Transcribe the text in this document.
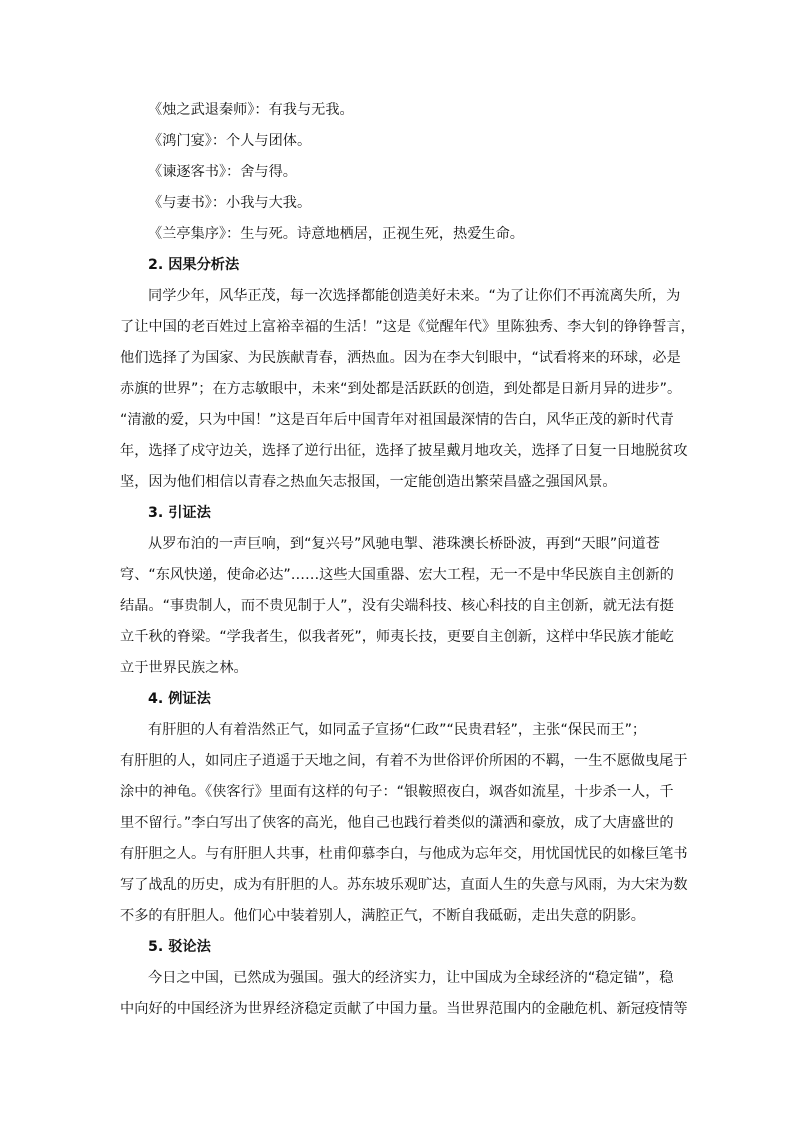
《烛之武退秦师》：有我与无我。

《鸿门宴》：个人与团体。

《谏逐客书》：舍与得。

《与妻书》：小我与大我。

《兰亭集序》：生与死。诗意地栖居，正视生死，热爱生命。

2. 因果分析法

同学少年，风华正茂，每一次选择都能创造美好未来。“为了让你们不再流离失所，为

了让中国的老百姓过上富裕幸福的生活！”这是《觉醒年代》里陈独秀、李大钊的铮铮誓言，

他们选择了为国家、为民族献青春，洒热血。因为在李大钊眼中，“试看将来的环球，必是

赤旗的世界”；在方志敏眼中，未来“到处都是活跃跃的创造，到处都是日新月异的进步”。

“清澈的爱，只为中国！”这是百年后中国青年对祖国最深情的告白，风华正茂的新时代青

年，选择了戍守边关，选择了逆行出征，选择了披星戴月地攻关，选择了日复一日地脱贫攻

坚，因为他们相信以青春之热血矢志报国，一定能创造出繁荣昌盛之强国风景。

3. 引证法

从罗布泊的一声巨响，到“复兴号”风驰电掣、港珠澳长桥卧波，再到“天眼”问道苍

穹、“东风快递，使命必达”……这些大国重器、宏大工程，无一不是中华民族自主创新的

结晶。“事贵制人，而不贵见制于人”，没有尖端科技、核心科技的自主创新，就无法有挺

立千秋的脊梁。“学我者生，似我者死”，师夷长技，更要自主创新，这样中华民族才能屹

立于世界民族之林。

4. 例证法

有肝胆的人有着浩然正气，如同孟子宣扬“仁政”“民贵君轻”，主张“保民而王”；

有肝胆的人，如同庄子逍遥于天地之间，有着不为世俗评价所困的不羁，一生不愿做曳尾于

涂中的神龟。《侠客行》里面有这样的句子：“银鞍照夜白，飒沓如流星，十步杀一人，千

里不留行。”李白写出了侠客的高光，他自己也践行着类似的潇洒和豪放，成了大唐盛世的

有肝胆之人。与有肝胆人共事，杜甫仰慕李白，与他成为忘年交，用忧国忧民的如椽巨笔书

写了战乱的历史，成为有肝胆的人。苏东坡乐观旷达，直面人生的失意与风雨，为大宋为数

不多的有肝胆人。他们心中装着别人，满腔正气，不断自我砥砺，走出失意的阴影。

5. 驳论法

今日之中国，已然成为强国。强大的经济实力，让中国成为全球经济的“稳定锚”，稳

中向好的中国经济为世界经济稳定贡献了中国力量。当世界范围内的金融危机、新冠疫情等
